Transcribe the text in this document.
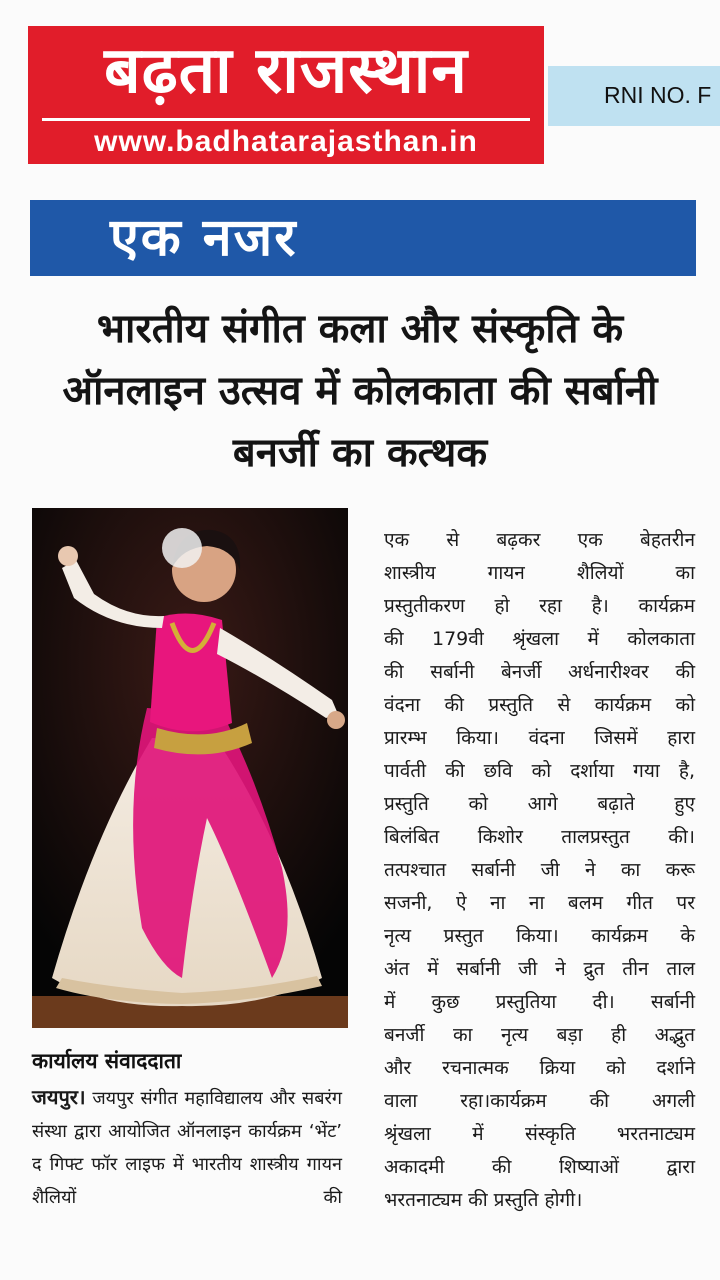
बढ़ता राजस्थान
www.badhatarajasthan.in
RNI NO. F
एक नजर
भारतीय संगीत कला और संस्कृति के ऑनलाइन उत्सव में कोलकाता की सर्बानी बनर्जी का कत्थक
कार्यालय संवाददाता
जयपुर। जयपुर संगीत महाविद्यालय और सबरंग संस्था द्वारा आयोजित ऑनलाइन कार्यक्रम ‘भेंट’ द गिफ्ट फॉर लाइफ में भारतीय शास्त्रीय गायन शैलियों की
एक से बढ़कर एक बेहतरीन
शास्त्रीय गायन शैलियों का
प्रस्तुतीकरण हो रहा है। कार्यक्रम
की 179वी श्रृंखला में कोलकाता
की सर्बानी बेनर्जी अर्धनारीश्वर की
वंदना की प्रस्तुति से कार्यक्रम को
प्रारम्भ किया। वंदना जिसमें हारा
पार्वती की छवि को दर्शाया गया है,
प्रस्तुति को आगे बढ़ाते हुए
बिलंबित किशोर तालप्रस्तुत की।
तत्पश्चात सर्बानी जी ने का करू
सजनी, ऐ ना ना बलम गीत पर
नृत्य प्रस्तुत किया। कार्यक्रम के
अंत में सर्बानी जी ने द्रुत तीन ताल
में कुछ प्रस्तुतिया दी। सर्बानी
बनर्जी का नृत्य बड़ा ही अद्भुत
और रचनात्मक क्रिया को दर्शाने
वाला रहा।कार्यक्रम की अगली
श्रृंखला में संस्कृति भरतनाट्यम
अकादमी की शिष्याओं द्वारा
भरतनाट्यम की प्रस्तुति होगी।
